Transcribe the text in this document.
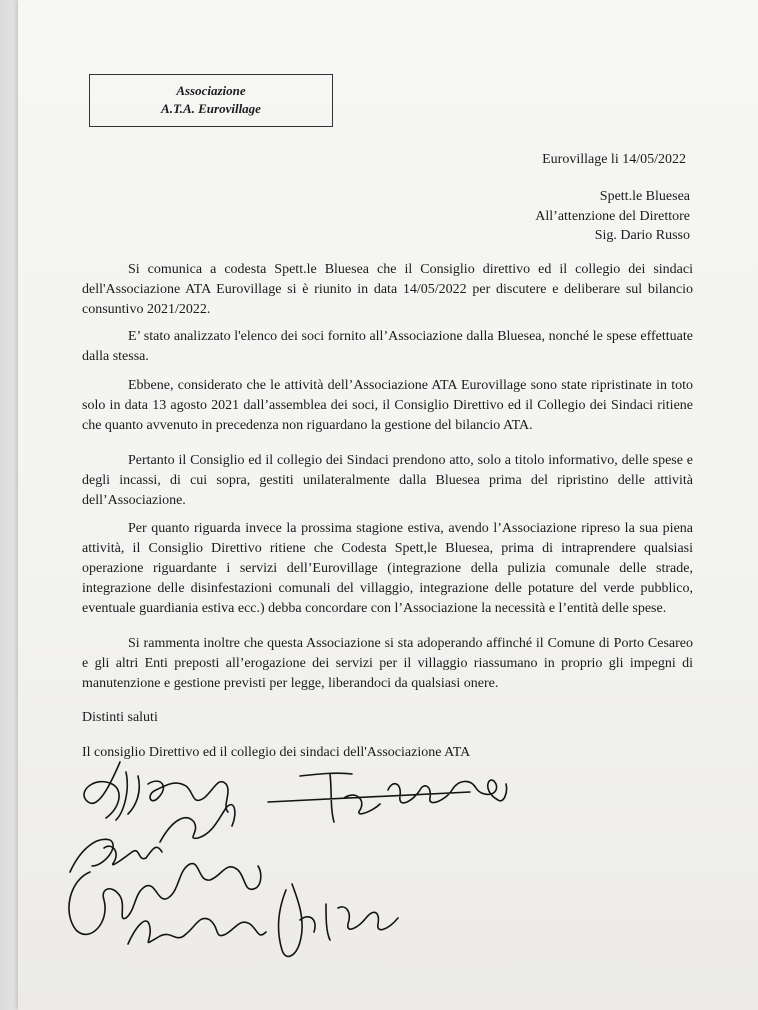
Associazione
A.T.A. Eurovillage
Eurovillage li 14/05/2022
Spett.le Bluesea
All’attenzione del Direttore
Sig. Dario Russo
Si comunica a codesta Spett.le Bluesea che il Consiglio direttivo ed il collegio dei sindaci dell'Associazione ATA Eurovillage si è riunito in data 14/05/2022 per discutere e deliberare sul bilancio consuntivo 2021/2022.
E’ stato analizzato l'elenco dei soci fornito all’Associazione dalla Bluesea, nonché le spese effettuate dalla stessa.
Ebbene, considerato che le attività dell’Associazione ATA Eurovillage sono state ripristinate in toto solo in data 13 agosto 2021 dall’assemblea dei soci, il Consiglio Direttivo ed il Collegio dei Sindaci ritiene che quanto avvenuto in precedenza non riguardano la gestione del bilancio ATA.
Pertanto il Consiglio ed il collegio dei Sindaci prendono atto, solo a titolo informativo, delle spese e degli incassi, di cui sopra, gestiti unilateralmente dalla Bluesea prima del ripristino delle attività dell’Associazione.
Per quanto riguarda invece la prossima stagione estiva, avendo l’Associazione ripreso la sua piena attività, il Consiglio Direttivo ritiene che Codesta Spett,le Bluesea, prima di intraprendere qualsiasi operazione riguardante i servizi dell’Eurovillage (integrazione della pulizia comunale delle strade, integrazione delle disinfestazioni comunali del villaggio, integrazione delle potature del verde pubblico, eventuale guardiania estiva ecc.) debba concordare con l’Associazione la necessità e l’entità delle spese.
Si rammenta inoltre che questa Associazione si sta adoperando affinché il Comune di Porto Cesareo e gli altri Enti preposti all’erogazione dei servizi per il villaggio riassumano in proprio gli impegni di manutenzione e gestione previsti per legge, liberandoci da qualsiasi onere.
Distinti saluti
Il consiglio Direttivo ed il collegio dei sindaci dell'Associazione ATA
